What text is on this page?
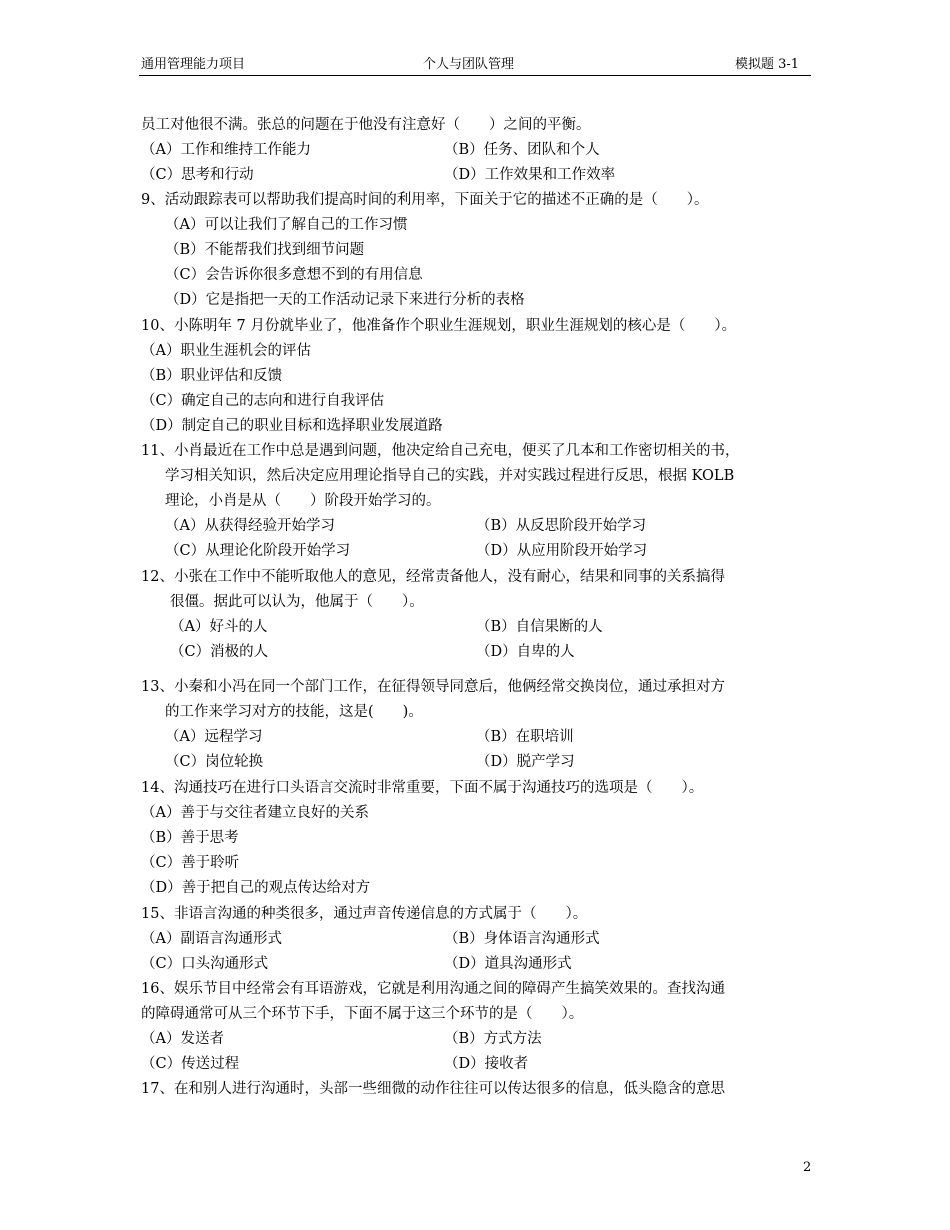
通用管理能力项目	个人与团队管理	模拟题 3-1
员工对他很不满。张总的问题在于他没有注意好（　　）之间的平衡。
（A）工作和维持工作能力	（B）任务、团队和个人
（C）思考和行动	（D）工作效果和工作效率
9、活动跟踪表可以帮助我们提高时间的利用率，下面关于它的描述不正确的是（　　）。
（A）可以让我们了解自己的工作习惯
（B）不能帮我们找到细节问题
（C）会告诉你很多意想不到的有用信息
（D）它是指把一天的工作活动记录下来进行分析的表格
10、小陈明年 7 月份就毕业了，他准备作个职业生涯规划，职业生涯规划的核心是（　　）。
（A）职业生涯机会的评估
（B）职业评估和反馈
（C）确定自己的志向和进行自我评估
（D）制定自己的职业目标和选择职业发展道路
11、小肖最近在工作中总是遇到问题，他决定给自己充电，便买了几本和工作密切相关的书，
学习相关知识，然后决定应用理论指导自己的实践，并对实践过程进行反思，根据 KOLB
理论，小肖是从（　　）阶段开始学习的。
（A）从获得经验开始学习	（B）从反思阶段开始学习
（C）从理论化阶段开始学习	（D）从应用阶段开始学习
12、小张在工作中不能听取他人的意见，经常责备他人，没有耐心，结果和同事的关系搞得
很僵。据此可以认为，他属于（　　）。
（A）好斗的人	（B）自信果断的人
（C）消极的人	（D）自卑的人
13、小秦和小冯在同一个部门工作，在征得领导同意后，他俩经常交换岗位，通过承担对方
的工作来学习对方的技能，这是(　　)。
（A）远程学习	（B）在职培训
（C）岗位轮换	（D）脱产学习
14、沟通技巧在进行口头语言交流时非常重要，下面不属于沟通技巧的选项是（　　）。
（A）善于与交往者建立良好的关系
（B）善于思考
（C）善于聆听
（D）善于把自己的观点传达给对方
15、非语言沟通的种类很多，通过声音传递信息的方式属于（　　）。
（A）副语言沟通形式	（B）身体语言沟通形式
（C）口头沟通形式	（D）道具沟通形式
16、娱乐节目中经常会有耳语游戏，它就是利用沟通之间的障碍产生搞笑效果的。查找沟通
的障碍通常可从三个环节下手，下面不属于这三个环节的是（　　）。
（A）发送者	（B）方式方法
（C）传送过程	（D）接收者
17、在和别人进行沟通时，头部一些细微的动作往往可以传达很多的信息，低头隐含的意思
2
